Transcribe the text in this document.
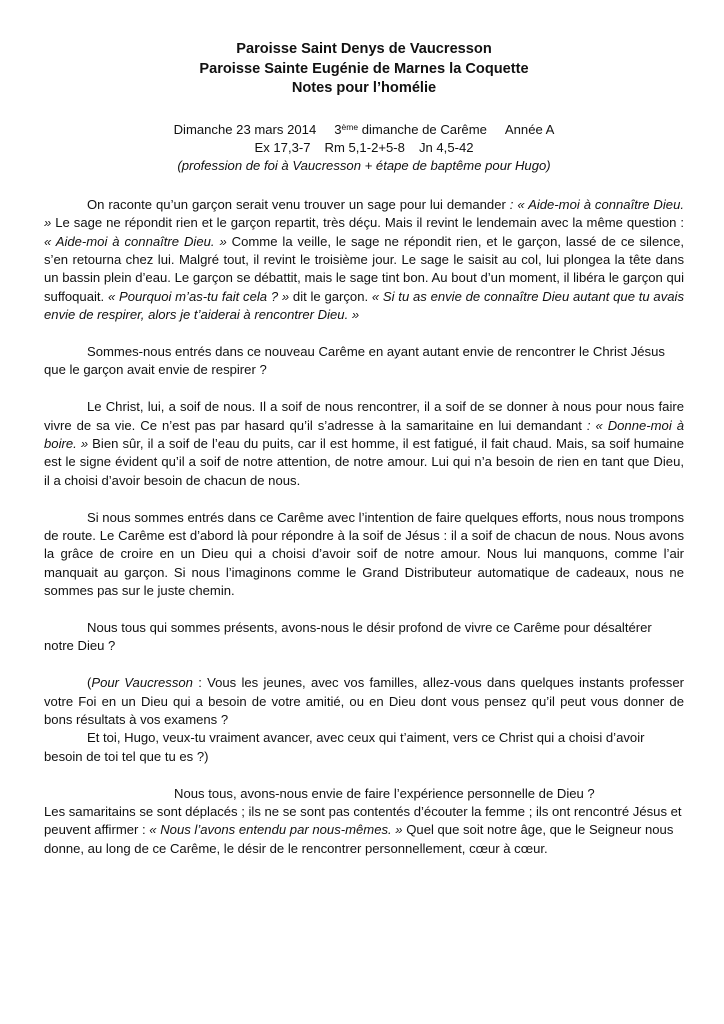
Paroisse Saint Denys de Vaucresson
Paroisse Sainte Eugénie de Marnes la Coquette
Notes pour l’homélie
Dimanche 23 mars 2014 3ème dimanche de Carême Année A
Ex 17,3-7 Rm 5,1-2+5-8 Jn 4,5-42
(profession de foi à Vaucresson + étape de baptême pour Hugo)

On raconte qu’un garçon serait venu trouver un sage pour lui demander : « Aide-moi à connaître Dieu. » Le sage ne répondit rien et le garçon repartit, très déçu. Mais il revint le lendemain avec la même question : « Aide-moi à connaître Dieu. » Comme la veille, le sage ne répondit rien, et le garçon, lassé de ce silence, s’en retourna chez lui. Malgré tout, il revint le troisième jour. Le sage le saisit au col, lui plongea la tête dans un bassin plein d’eau. Le garçon se débattit, mais le sage tint bon. Au bout d’un moment, il libéra le garçon qui suffoquait. « Pourquoi m’as-tu fait cela ? » dit le garçon. « Si tu as envie de connaître Dieu autant que tu avais envie de respirer, alors je t’aiderai à rencontrer Dieu. »

Sommes-nous entrés dans ce nouveau Carême en ayant autant envie de rencontrer le Christ Jésus que le garçon avait envie de respirer ?

Le Christ, lui, a soif de nous. Il a soif de nous rencontrer, il a soif de se donner à nous pour nous faire vivre de sa vie. Ce n’est pas par hasard qu’il s’adresse à la samaritaine en lui demandant : « Donne-moi à boire. » Bien sûr, il a soif de l’eau du puits, car il est homme, il est fatigué, il fait chaud. Mais, sa soif humaine est le signe évident qu’il a soif de notre attention, de notre amour. Lui qui n’a besoin de rien en tant que Dieu, il a choisi d’avoir besoin de chacun de nous.

Si nous sommes entrés dans ce Carême avec l’intention de faire quelques efforts, nous nous trompons de route. Le Carême est d’abord là pour répondre à la soif de Jésus : il a soif de chacun de nous. Nous avons la grâce de croire en un Dieu qui a choisi d’avoir soif de notre amour. Nous lui manquons, comme l’air manquait au garçon. Si nous l’imaginons comme le Grand Distributeur automatique de cadeaux, nous ne sommes pas sur le juste chemin.

Nous tous qui sommes présents, avons-nous le désir profond de vivre ce Carême pour désaltérer notre Dieu ?

(Pour Vaucresson : Vous les jeunes, avec vos familles, allez-vous dans quelques instants professer votre Foi en un Dieu qui a besoin de votre amitié, ou en Dieu dont vous pensez qu’il peut vous donner de bons résultats à vos examens ?

Et toi, Hugo, veux-tu vraiment avancer, avec ceux qui t’aiment, vers ce Christ qui a choisi d’avoir besoin de toi tel que tu es ?)

Nous tous, avons-nous envie de faire l’expérience personnelle de Dieu ?
Les samaritains se sont déplacés ; ils ne se sont pas contentés d’écouter la femme ; ils ont rencontré Jésus et peuvent affirmer : « Nous l’avons entendu par nous-mêmes. » Quel que soit notre âge, que le Seigneur nous donne, au long de ce Carême, le désir de le rencontrer personnellement, cœur à cœur.
